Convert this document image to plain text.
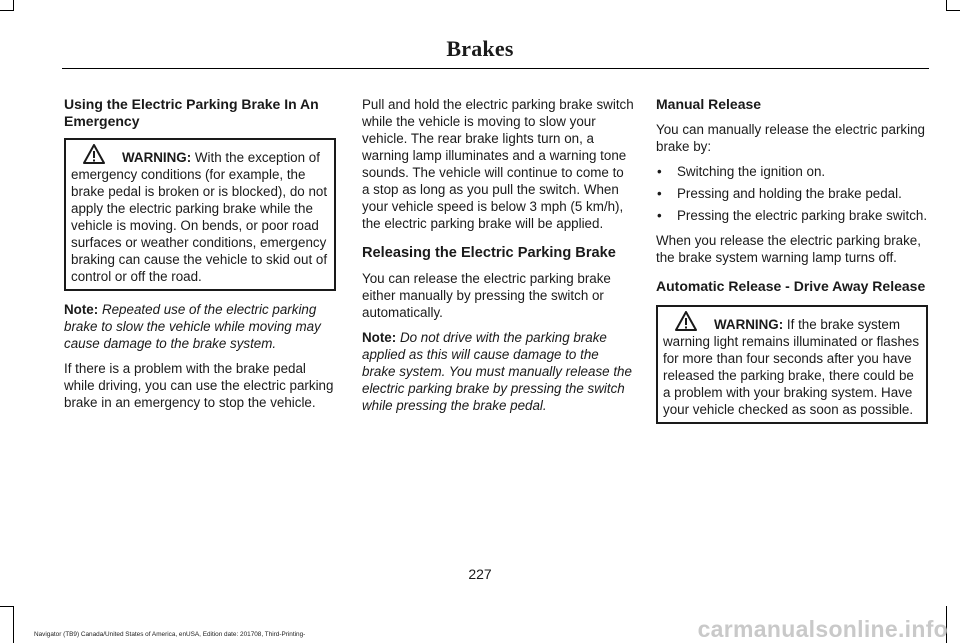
Brakes
Using the Electric Parking Brake In An Emergency
WARNING: With the exception of emergency conditions (for example, the brake pedal is broken or is blocked), do not apply the electric parking brake while the vehicle is moving. On bends, or poor road surfaces or weather conditions, emergency braking can cause the vehicle to skid out of control or off the road.

Note: Repeated use of the electric parking brake to slow the vehicle while moving may cause damage to the brake system.

If there is a problem with the brake pedal while driving, you can use the electric parking brake in an emergency to stop the vehicle.

Pull and hold the electric parking brake switch while the vehicle is moving to slow your vehicle. The rear brake lights turn on, a warning lamp illuminates and a warning tone sounds. The vehicle will continue to come to a stop as long as you pull the switch. When your vehicle speed is below 3 mph (5 km/h), the electric parking brake will be applied.

Releasing the Electric Parking Brake

You can release the electric parking brake either manually by pressing the switch or automatically.

Note: Do not drive with the parking brake applied as this will cause damage to the brake system. You must manually release the electric parking brake by pressing the switch while pressing the brake pedal.

Manual Release

You can manually release the electric parking brake by:

• Switching the ignition on.
• Pressing and holding the brake pedal.
• Pressing the electric parking brake switch.

When you release the electric parking brake, the brake system warning lamp turns off.

Automatic Release - Drive Away Release
WARNING: If the brake system warning light remains illuminated or flashes for more than four seconds after you have released the parking brake, there could be a problem with your braking system. Have your vehicle checked as soon as possible.
227
Navigator (TB9) Canada/United States of America, enUSA, Edition date: 201708, Third-Printing-	carmanualsonline.info
